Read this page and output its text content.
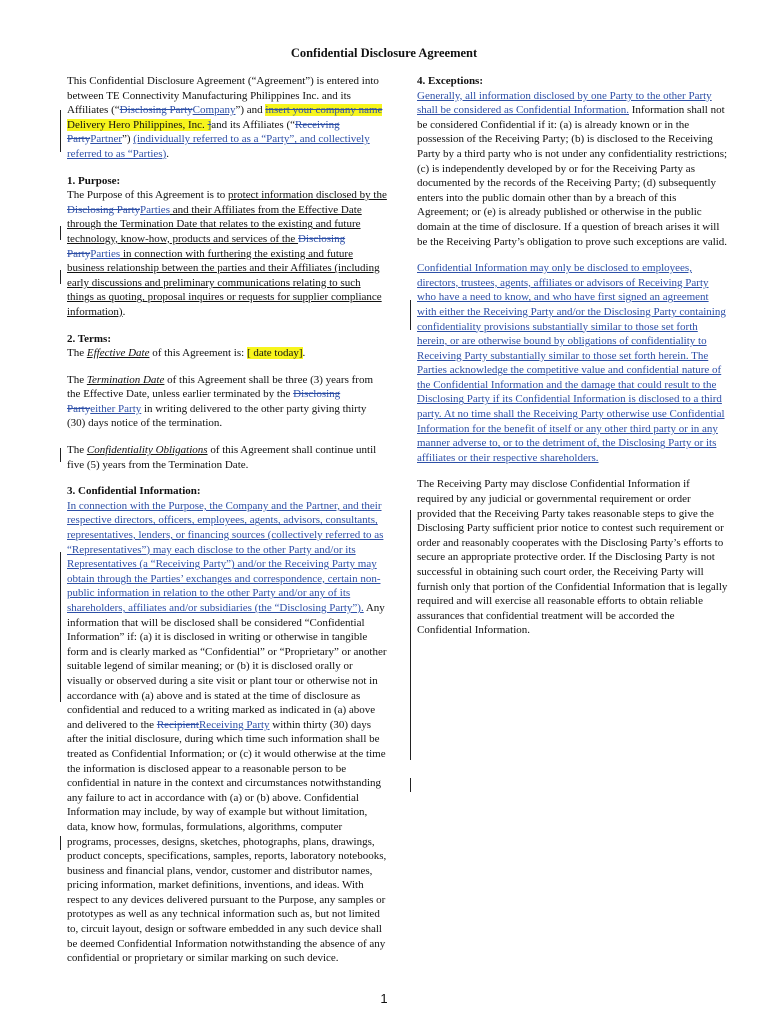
Confidential Disclosure Agreement

This Confidential Disclosure Agreement (“Agreement”) is entered into between TE Connectivity Manufacturing Philippines Inc. and its Affiliates (“Disclosing PartyCompany”) and insert your company name Delivery Hero Philippines, Inc. ]and its Affiliates (“Receiving PartyPartner”) (individually referred to as a “Party”, and collectively referred to as “Parties).

1. Purpose:

The Purpose of this Agreement is to protect information disclosed by the Disclosing PartyParties and their Affiliates from the Effective Date through the Termination Date that relates to the existing and future technology, know-how, products and services of the Disclosing PartyParties in connection with furthering the existing and future business relationship between the parties and their Affiliates (including early discussions and preliminary communications relating to such things as quoting, proposal inquires or requests for supplier compliance information).

2. Terms:

The Effective Date of this Agreement is: [ date today].

The Termination Date of this Agreement shall be three (3) years from the Effective Date, unless earlier terminated by the Disclosing Partyeither Party in writing delivered to the other party giving thirty (30) days notice of the termination.

The Confidentiality Obligations of this Agreement shall continue until five (5) years from the Termination Date.

3. Confidential Information:

In connection with the Purpose, the Company and the Partner, and their respective directors, officers, employees, agents, advisors, consultants, representatives, lenders, or financing sources (collectively referred to as “Representatives”) may each disclose to the other Party and/or its Representatives (a “Receiving Party”) and/or the Receiving Party may obtain through the Parties’ exchanges and correspondence, certain non-public information in relation to the other Party and/or any of its shareholders, affiliates and/or subsidiaries (the “Disclosing Party”). Any information that will be disclosed shall be considered “Confidential Information” if: (a) it is disclosed in writing or otherwise in tangible form and is clearly marked as “Confidential” or “Proprietary” or another suitable legend of similar meaning; or (b) it is disclosed orally or visually or observed during a site visit or plant tour or otherwise not in accordance with (a) above and is stated at the time of disclosure as confidential and reduced to a writing marked as indicated in (a) above and delivered to the RecipientReceiving Party within thirty (30) days after the initial disclosure, during which time such information shall be treated as Confidential Information; or (c) it would otherwise at the time the information is disclosed appear to a reasonable person to be confidential in nature in the context and circumstances notwithstanding any failure to act in accordance with (a) or (b) above. Confidential Information may include, by way of example but without limitation, data, know how, formulas, formulations, algorithms, computer programs, processes, designs, sketches, photographs, plans, drawings, product concepts, specifications, samples, reports, laboratory notebooks, business and financial plans, vendor, customer and distributor names, pricing information, market definitions, inventions, and ideas. With respect to any devices delivered pursuant to the Purpose, any samples or prototypes as well as any technical information such as, but not limited to, circuit layout, design or software embedded in any such device shall be deemed Confidential Information notwithstanding the absence of any confidential or proprietary or similar marking on such device.

4. Exceptions:

Generally, all information disclosed by one Party to the other Party shall be considered as Confidential Information. Information shall not be considered Confidential if it: (a) is already known or in the possession of the Receiving Party; (b) is disclosed to the Receiving Party by a third party who is not under any confidentiality restrictions; (c) is independently developed by or for the Receiving Party as documented by the records of the Receiving Party; (d) subsequently enters into the public domain other than by a breach of this Agreement; or (e) is already published or otherwise in the public domain at the time of disclosure. If a question of breach arises it will be the Receiving Party’s obligation to prove such exceptions are valid.

Confidential Information may only be disclosed to employees, directors, trustees, agents, affiliates or advisors of Receiving Party who have a need to know, and who have first signed an agreement with either the Receiving Party and/or the Disclosing Party containing confidentiality provisions substantially similar to those set forth herein, or are otherwise bound by obligations of confidentiality to Receiving Party substantially similar to those set forth herein. The Parties acknowledge the competitive value and confidential nature of the Confidential Information and the damage that could result to the Disclosing Party if its Confidential Information is disclosed to a third party. At no time shall the Receiving Party otherwise use Confidential Information for the benefit of itself or any other third party or in any manner adverse to, or to the detriment of, the Disclosing Party or its affiliates or their respective shareholders.

The Receiving Party may disclose Confidential Information if required by any judicial or governmental requirement or order provided that the Receiving Party takes reasonable steps to give the Disclosing Party sufficient prior notice to contest such requirement or order and reasonably cooperates with the Disclosing Party’s efforts to secure an appropriate protective order. If the Disclosing Party is not successful in obtaining such court order, the Receiving Party will furnish only that portion of the Confidential Information that is legally required and will exercise all reasonable efforts to obtain reliable assurances that confidential treatment will be accorded the Confidential Information.

1
